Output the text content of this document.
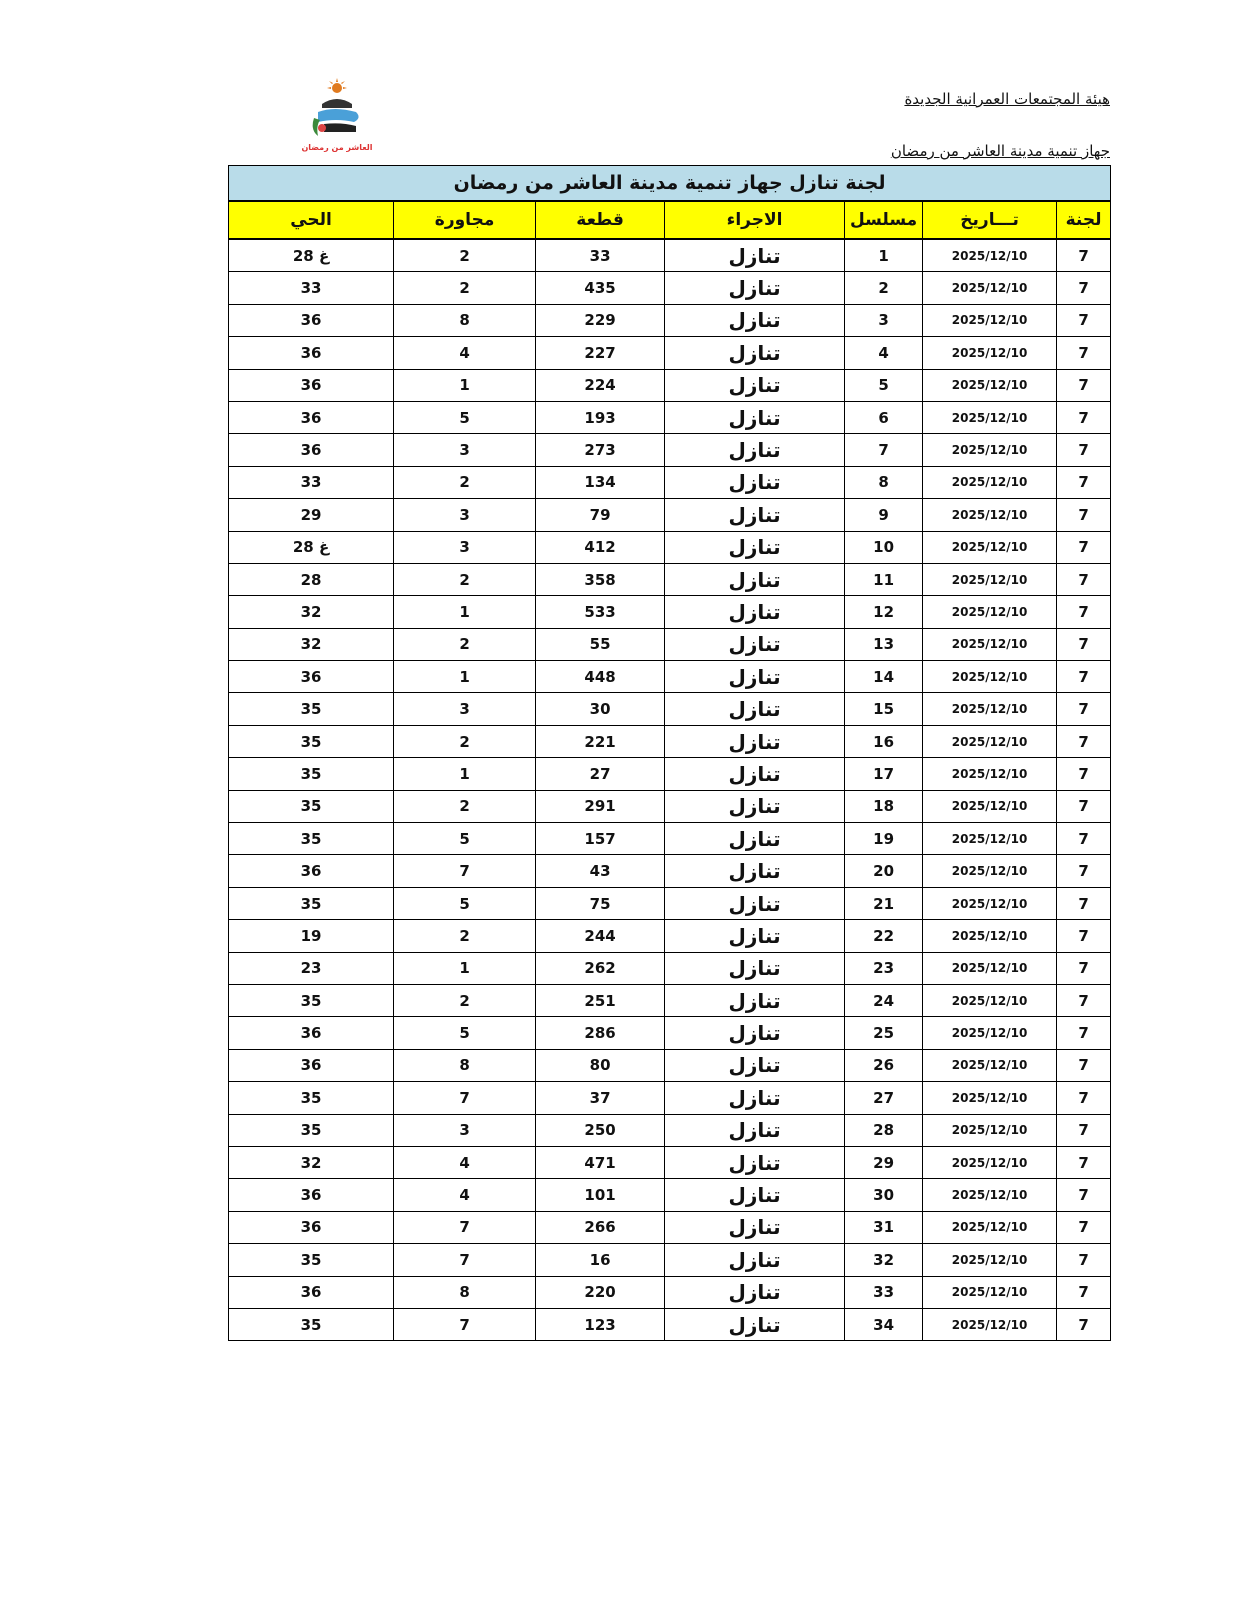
هيئة المجتمعات العمرانية الجديدة
جهاز تنمية مدينة العاشر من رمضان
العاشر من رمضان
لجنة تنازل جهاز تنمية مدينة العاشر من رمضان						
لجنة	تـــاريخ	مسلسل	الاجراء	قطعة	مجاورة	الحي
7	2025/12/10	1	تنازل	33	2	غ 28
7	2025/12/10	2	تنازل	435	2	33
7	2025/12/10	3	تنازل	229	8	36
7	2025/12/10	4	تنازل	227	4	36
7	2025/12/10	5	تنازل	224	1	36
7	2025/12/10	6	تنازل	193	5	36
7	2025/12/10	7	تنازل	273	3	36
7	2025/12/10	8	تنازل	134	2	33
7	2025/12/10	9	تنازل	79	3	29
7	2025/12/10	10	تنازل	412	3	غ 28
7	2025/12/10	11	تنازل	358	2	28
7	2025/12/10	12	تنازل	533	1	32
7	2025/12/10	13	تنازل	55	2	32
7	2025/12/10	14	تنازل	448	1	36
7	2025/12/10	15	تنازل	30	3	35
7	2025/12/10	16	تنازل	221	2	35
7	2025/12/10	17	تنازل	27	1	35
7	2025/12/10	18	تنازل	291	2	35
7	2025/12/10	19	تنازل	157	5	35
7	2025/12/10	20	تنازل	43	7	36
7	2025/12/10	21	تنازل	75	5	35
7	2025/12/10	22	تنازل	244	2	19
7	2025/12/10	23	تنازل	262	1	23
7	2025/12/10	24	تنازل	251	2	35
7	2025/12/10	25	تنازل	286	5	36
7	2025/12/10	26	تنازل	80	8	36
7	2025/12/10	27	تنازل	37	7	35
7	2025/12/10	28	تنازل	250	3	35
7	2025/12/10	29	تنازل	471	4	32
7	2025/12/10	30	تنازل	101	4	36
7	2025/12/10	31	تنازل	266	7	36
7	2025/12/10	32	تنازل	16	7	35
7	2025/12/10	33	تنازل	220	8	36
7	2025/12/10	34	تنازل	123	7	35
